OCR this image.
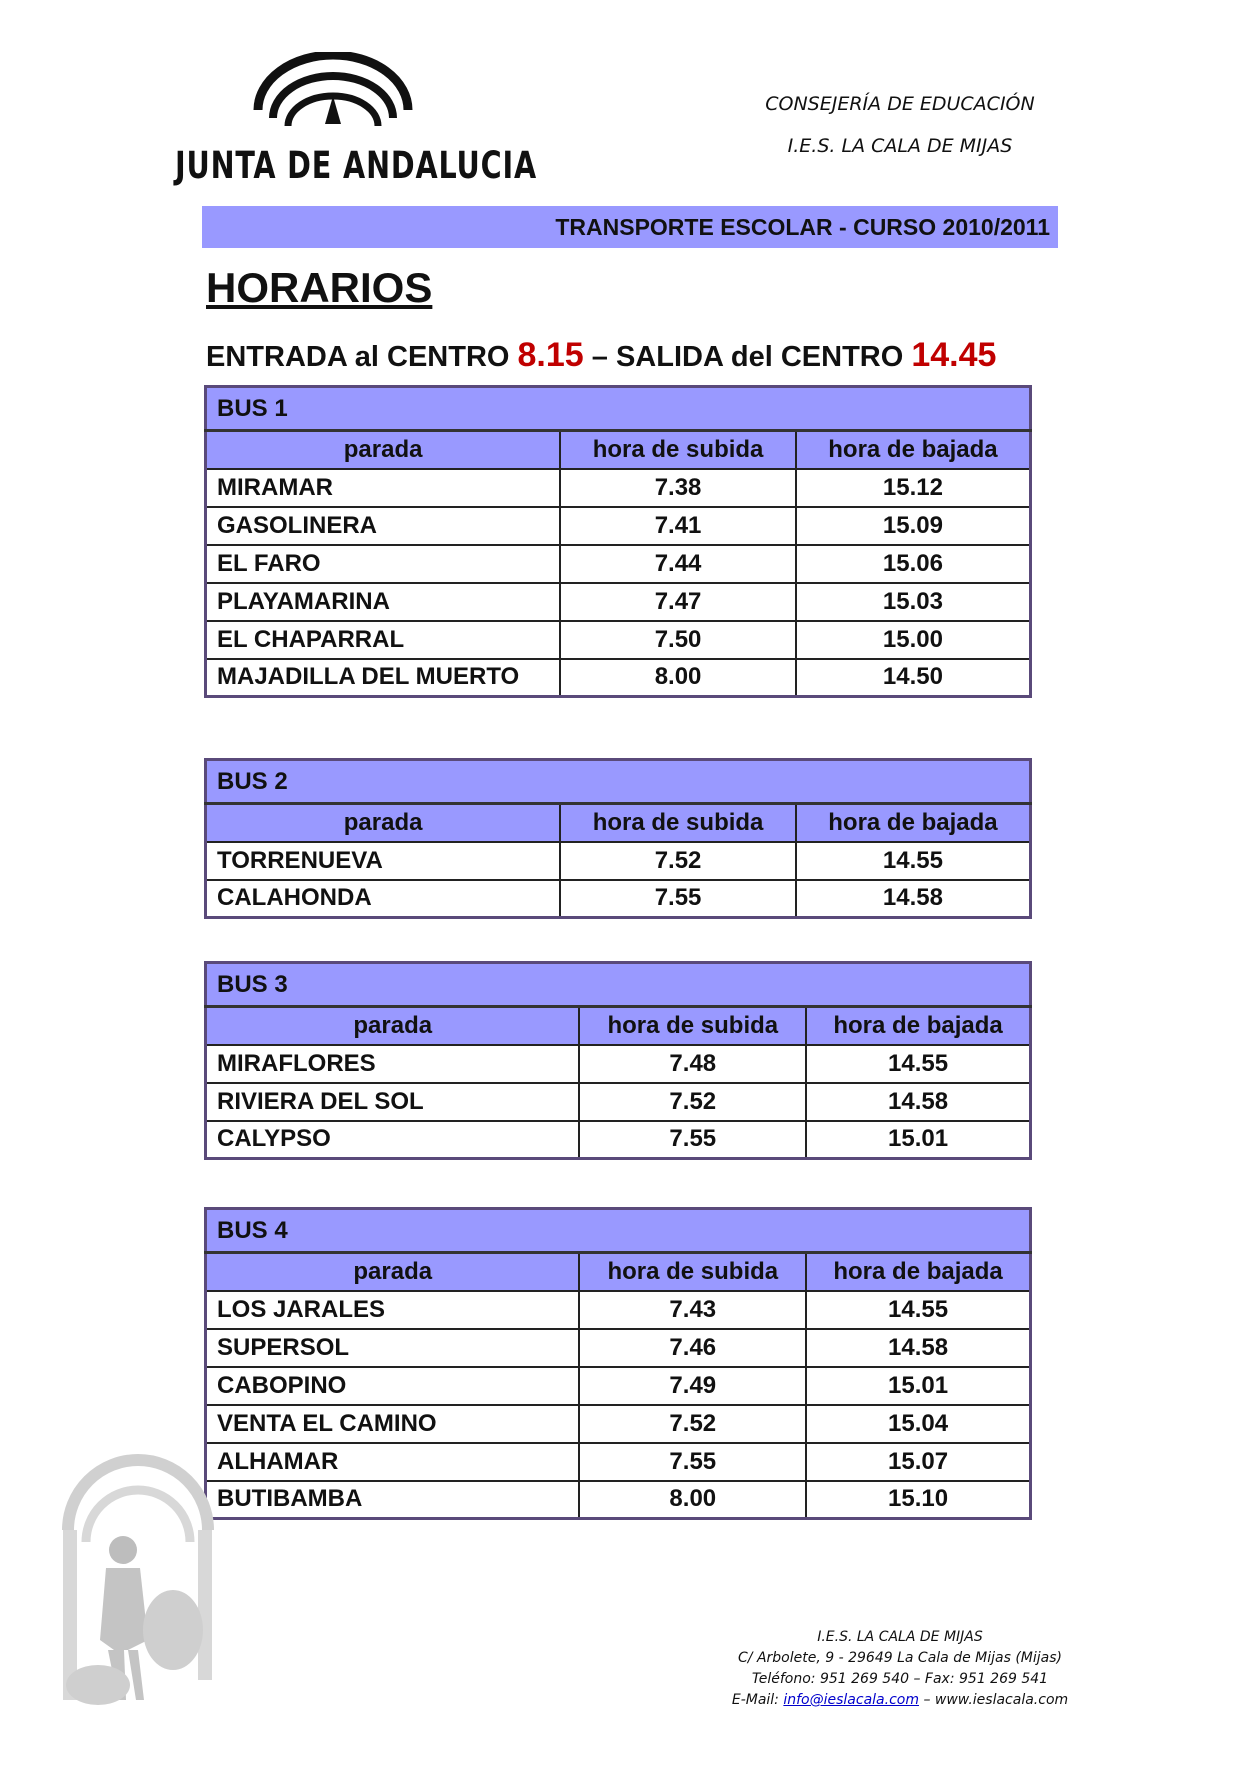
JUNTA DE ANDALUCIA
CONSEJERÍA DE EDUCACIÓN
I.E.S. LA CALA DE MIJAS
TRANSPORTE ESCOLAR - CURSO 2010/2011
HORARIOS
ENTRADA al CENTRO 8.15 – SALIDA del CENTRO 14.45
BUS 1		
parada	hora de subida	hora de bajada
MIRAMAR	7.38	15.12
GASOLINERA	7.41	15.09
EL FARO	7.44	15.06
PLAYAMARINA	7.47	15.03
EL CHAPARRAL	7.50	15.00
MAJADILLA DEL MUERTO	8.00	14.50
BUS 2		
parada	hora de subida	hora de bajada
TORRENUEVA	7.52	14.55
CALAHONDA	7.55	14.58
BUS 3		
parada	hora de subida	hora de bajada
MIRAFLORES	7.48	14.55
RIVIERA DEL SOL	7.52	14.58
CALYPSO	7.55	15.01
BUS 4		
parada	hora de subida	hora de bajada
LOS JARALES	7.43	14.55
SUPERSOL	7.46	14.58
CABOPINO	7.49	15.01
VENTA EL CAMINO	7.52	15.04
ALHAMAR	7.55	15.07
BUTIBAMBA	8.00	15.10
I.E.S. LA CALA DE MIJAS
C/ Arbolete, 9 - 29649 La Cala de Mijas (Mijas)
Teléfono: 951 269 540 – Fax: 951 269 541
E-Mail: info@ieslacala.com – www.ieslacala.com
